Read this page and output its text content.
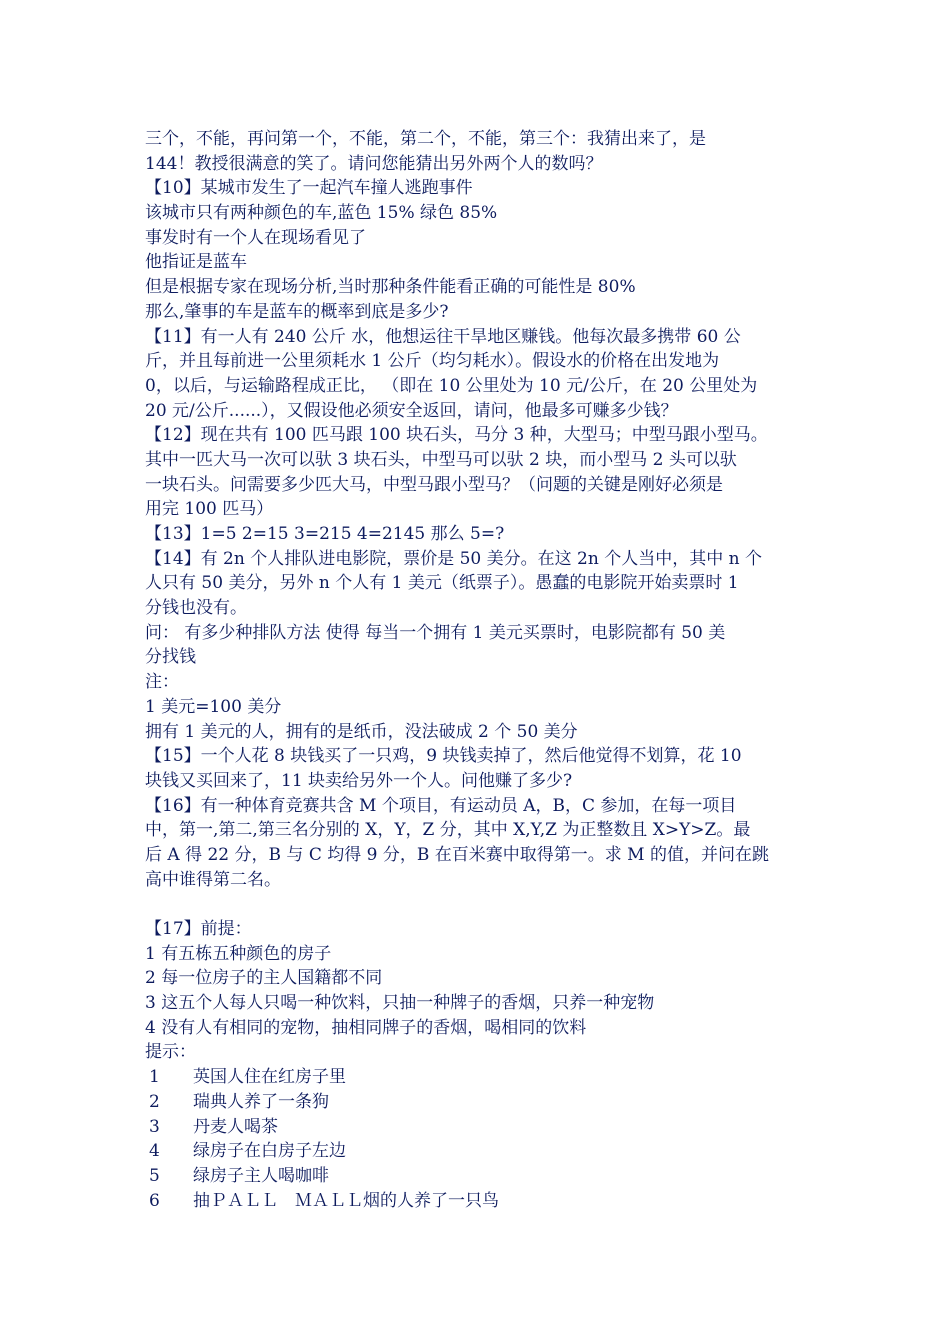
三个，不能，再问第一个，不能，第二个，不能，第三个：我猜出来了，是
144！教授很满意的笑了。请问您能猜出另外两个人的数吗？
【10】某城市发生了一起汽车撞人逃跑事件
该城市只有两种颜色的车,蓝色 15% 绿色 85%
事发时有一个人在现场看见了
他指证是蓝车
但是根据专家在现场分析,当时那种条件能看正确的可能性是 80%
那么,肇事的车是蓝车的概率到底是多少?
【11】有一人有 240 公斤 水，他想运往干旱地区赚钱。他每次最多携带 60 公
斤，并且每前进一公里须耗水 1 公斤（均匀耗水）。假设水的价格在出发地为
0，以后，与运输路程成正比， （即在 10 公里处为 10 元/公斤，在 20 公里处为
20 元/公斤......），又假设他必须安全返回，请问，他最多可赚多少钱？
【12】现在共有 100 匹马跟 100 块石头，马分 3 种，大型马；中型马跟小型马。
其中一匹大马一次可以驮 3 块石头，中型马可以驮 2 块，而小型马 2 头可以驮
一块石头。问需要多少匹大马，中型马跟小型马？（问题的关键是刚好必须是
用完 100 匹马）
【13】1=5 2=15 3=215 4=2145 那么 5=?
【14】有 2n 个人排队进电影院，票价是 50 美分。在这 2n 个人当中，其中 n 个
人只有 50 美分，另外 n 个人有 1 美元（纸票子）。愚蠢的电影院开始卖票时 1
分钱也没有。
问： 有多少种排队方法 使得 每当一个拥有 1 美元买票时，电影院都有 50 美
分找钱
注：
1 美元=100 美分
拥有 1 美元的人，拥有的是纸币，没法破成 2 个 50 美分
【15】一个人花 8 块钱买了一只鸡，9 块钱卖掉了，然后他觉得不划算，花 10
块钱又买回来了，11 块卖给另外一个人。问他赚了多少?
【16】有一种体育竞赛共含 M 个项目，有运动员 A，B，C 参加，在每一项目
中，第一,第二,第三名分别的 X，Y，Z 分，其中 X,Y,Z 为正整数且 X>Y>Z。最
后 A 得 22 分，B 与 C 均得 9 分，B 在百米赛中取得第一。求 M 的值，并问在跳
高中谁得第二名。
【17】前提：
1 有五栋五种颜色的房子
2 每一位房子的主人国籍都不同
3 这五个人每人只喝一种饮料，只抽一种牌子的香烟，只养一种宠物
4 没有人有相同的宠物，抽相同牌子的香烟，喝相同的饮料
提示：
1 英国人住在红房子里
2 瑞典人养了一条狗
3 丹麦人喝茶
4 绿房子在白房子左边
5 绿房子主人喝咖啡
6 抽ＰＡＬＬ　ＭＡＬＬ烟的人养了一只鸟
